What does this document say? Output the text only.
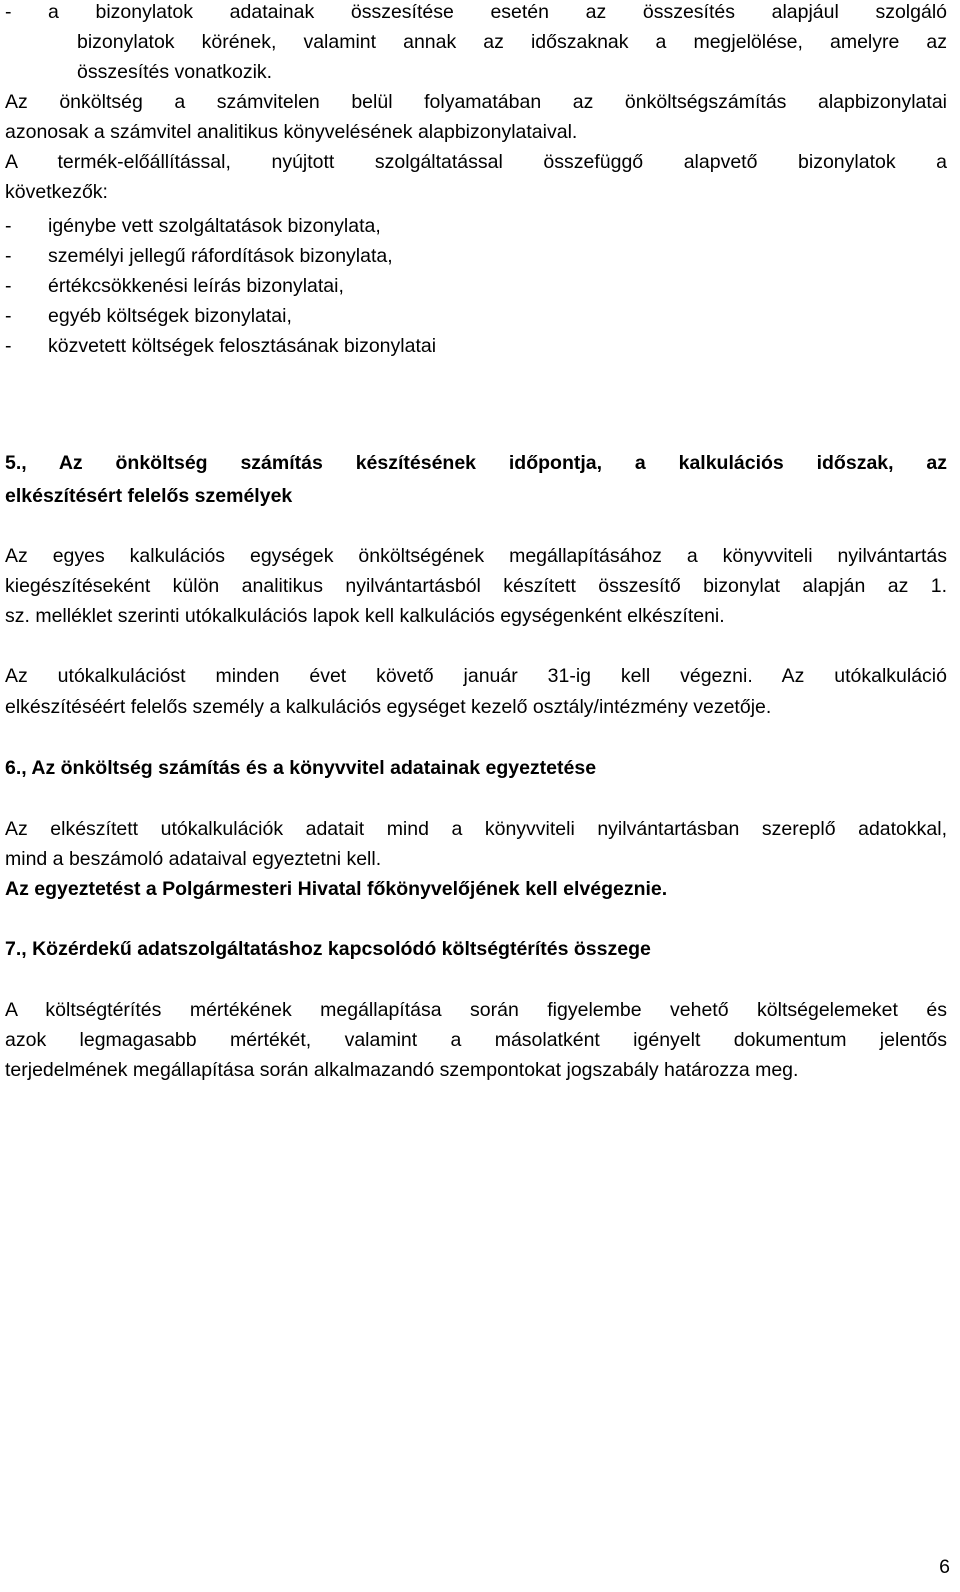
- a bizonylatok adatainak összesítése esetén az összesítés alapjául szolgáló
bizonylatok körének, valamint annak az időszaknak a megjelölése, amelyre az
összesítés vonatkozik.
Az önköltség a számvitelen belül folyamatában az önköltségszámítás alapbizonylatai
azonosak a számvitel analitikus könyvelésének alapbizonylataival.
A termék-előállítással, nyújtott szolgáltatással összefüggő alapvető bizonylatok a
következők:
- igénybe vett szolgáltatások bizonylata,
- személyi jellegű ráfordítások bizonylata,
- értékcsökkenési leírás bizonylatai,
- egyéb költségek bizonylatai,
- közvetett költségek felosztásának bizonylatai
5., Az önköltség számítás készítésének időpontja, a kalkulációs időszak, az
elkészítésért felelős személyek
Az egyes kalkulációs egységek önköltségének megállapításához a könyvviteli nyilvántartás
kiegészítéseként külön analitikus nyilvántartásból készített összesítő bizonylat alapján az 1.
sz. melléklet szerinti utókalkulációs lapok kell kalkulációs egységenként elkészíteni.
Az utókalkulációst minden évet követő január 31-ig kell végezni. Az utókalkuláció
elkészítéséért felelős személy a kalkulációs egységet kezelő osztály/intézmény vezetője.
6., Az önköltség számítás és a könyvvitel adatainak egyeztetése
Az elkészített utókalkulációk adatait mind a könyvviteli nyilvántartásban szereplő adatokkal,
mind a beszámoló adataival egyeztetni kell.
Az egyeztetést a Polgármesteri Hivatal főkönyvelőjének kell elvégeznie.
7., Közérdekű adatszolgáltatáshoz kapcsolódó költségtérítés összege
A költségtérítés mértékének megállapítása során figyelembe vehető költségelemeket és
azok legmagasabb mértékét, valamint a másolatként igényelt dokumentum jelentős
terjedelmének megállapítása során alkalmazandó szempontokat jogszabály határozza meg.
6
